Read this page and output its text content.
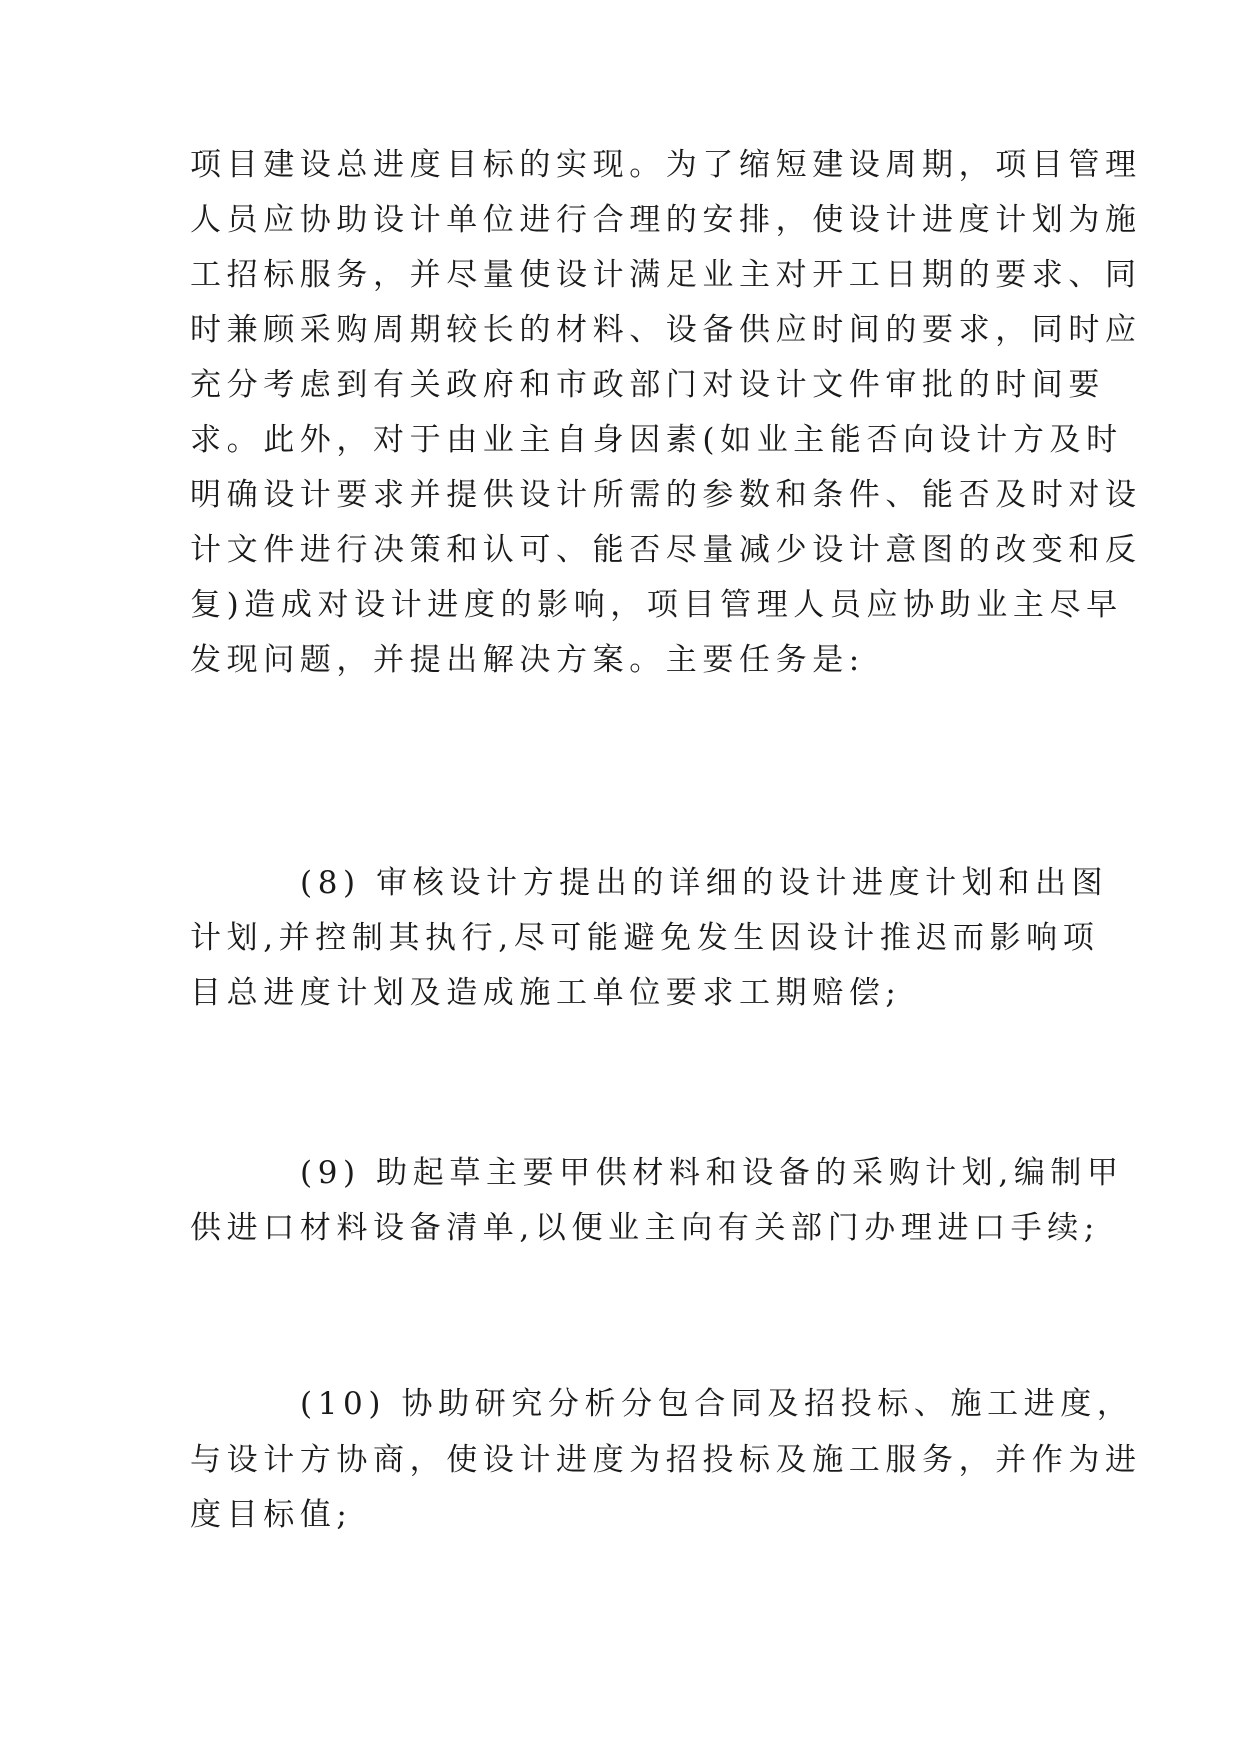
项目建设总进度目标的实现。为了缩短建设周期，项目管理
人员应协助设计单位进行合理的安排，使设计进度计划为施
工招标服务，并尽量使设计满足业主对开工日期的要求、同
时兼顾采购周期较长的材料、设备供应时间的要求，同时应
充分考虑到有关政府和市政部门对设计文件审批的时间要
求。此外，对于由业主自身因素(如业主能否向设计方及时
明确设计要求并提供设计所需的参数和条件、能否及时对设
计文件进行决策和认可、能否尽量减少设计意图的改变和反
复)造成对设计进度的影响，项目管理人员应协助业主尽早
发现问题，并提出解决方案。主要任务是:
(8) 审核设计方提出的详细的设计进度计划和出图
计划,并控制其执行,尽可能避免发生因设计推迟而影响项
目总进度计划及造成施工单位要求工期赔偿;
(9) 助起草主要甲供材料和设备的采购计划,编制甲
供进口材料设备清单,以便业主向有关部门办理进口手续;
(10) 协助研究分析分包合同及招投标、施工进度，
与设计方协商，使设计进度为招投标及施工服务，并作为进
度目标值;
